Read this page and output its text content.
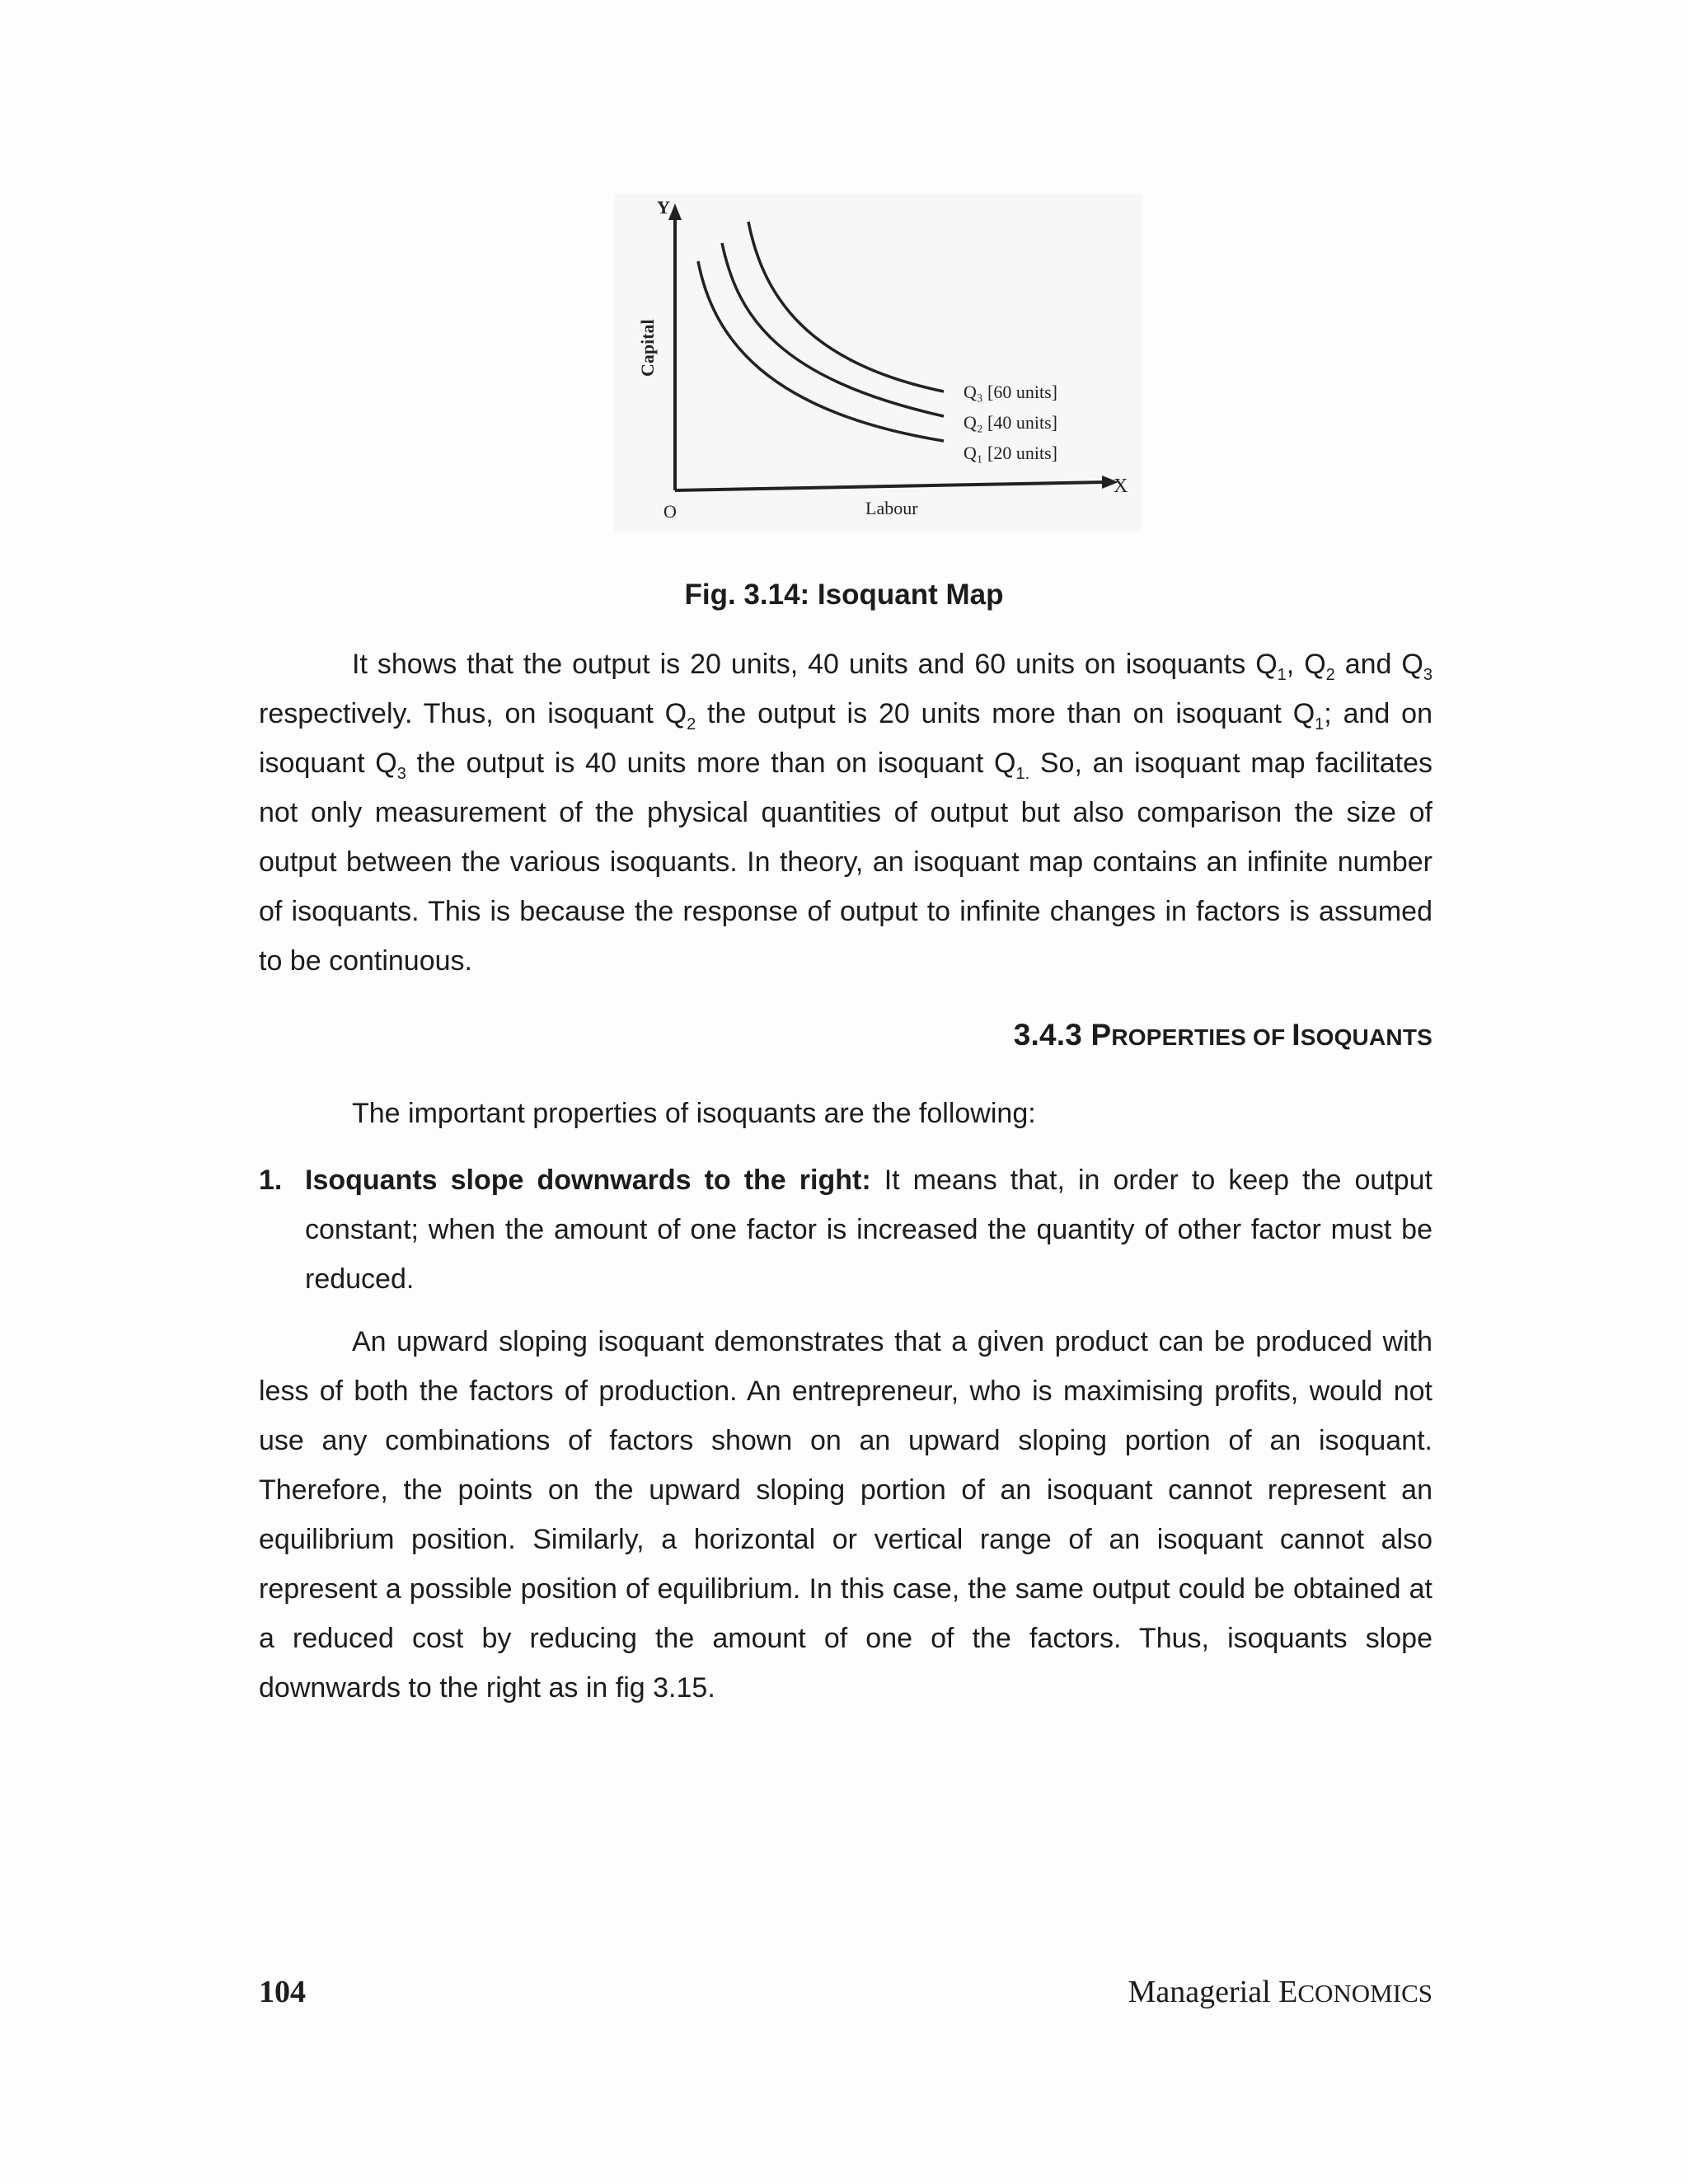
Y
X
O
Capital
Labour
Q₃ [60 units]
Q₂ [40 units]
Q₁ [20 units]
Fig. 3.14: Isoquant Map
It shows that the output is 20 units, 40 units and 60 units on isoquants $Q_1$, $Q_2$ and $Q_3$ respectively. Thus, on isoquant $Q_2$ the output is 20 units more than on isoquant $Q_1$; and on isoquant $Q_3$ the output is 40 units more than on isoquant $Q_{1.}$ So, an isoquant map facilitates not only measurement of the physical quantities of output but also comparison the size of output between the various isoquants. In theory, an isoquant map contains an infinite number of isoquants. This is because the response of output to infinite changes in factors is assumed to be continuous.
3.4.3 PROPERTIES OF ISOQUANTS
The important properties of isoquants are the following:
1. Isoquants slope downwards to the right: It means that, in order to keep the output constant; when the amount of one factor is increased the quantity of other factor must be reduced.
An upward sloping isoquant demonstrates that a given product can be produced with less of both the factors of production. An entrepreneur, who is maximising profits, would not use any combinations of factors shown on an upward sloping portion of an isoquant. Therefore, the points on the upward sloping portion of an isoquant cannot represent an equilibrium position. Similarly, a horizontal or vertical range of an isoquant cannot also represent a possible position of equilibrium. In this case, the same output could be obtained at a reduced cost by reducing the amount of one of the factors. Thus, isoquants slope downwards to the right as in fig 3.15.
104	Managerial ECONOMICS
